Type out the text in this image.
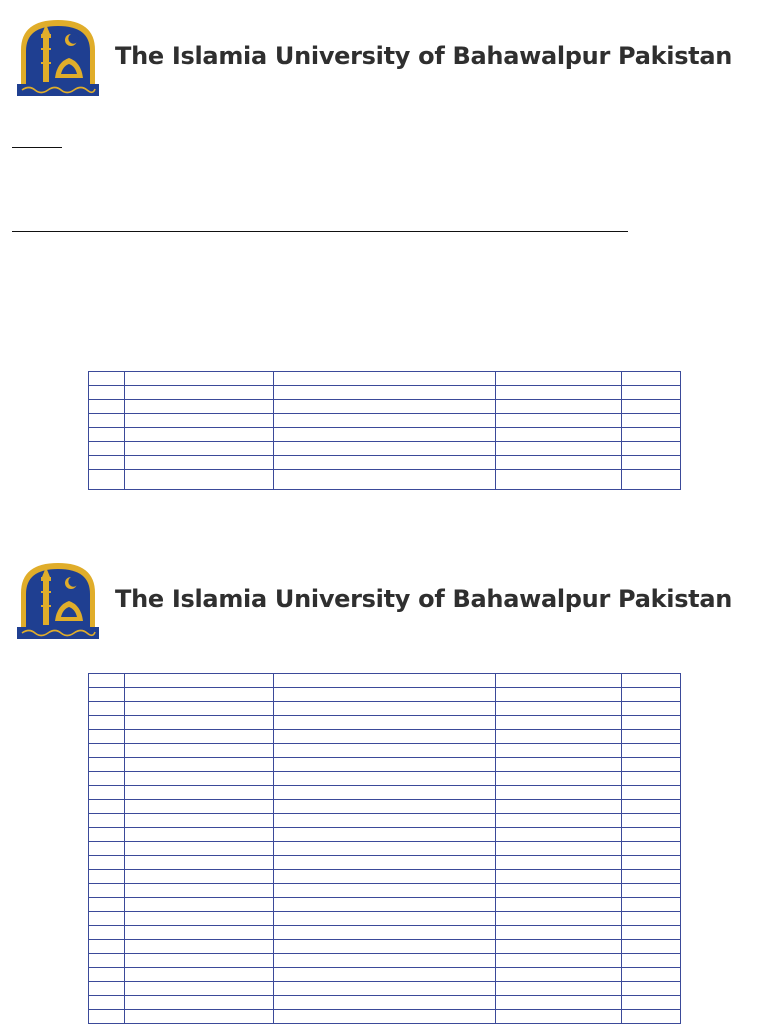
The Islamia University of Bahawalpur Pakistan

The Islamia University of Bahawalpur Pakistan
